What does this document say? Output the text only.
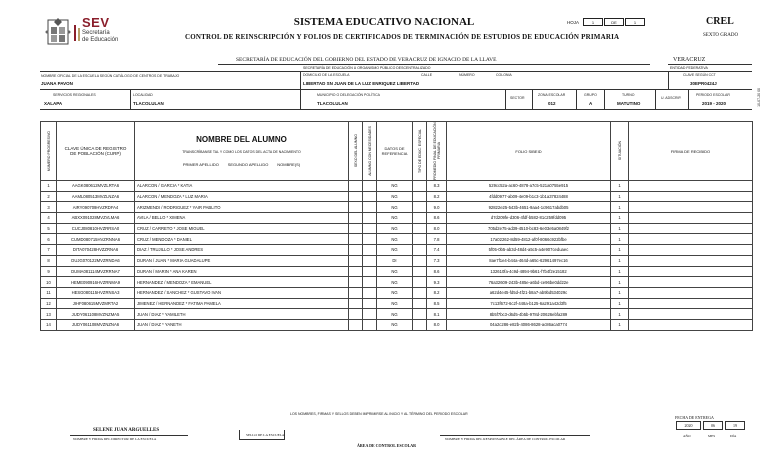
SEV
Secretaría
de Educación
SISTEMA EDUCATIVO NACIONAL
CONTROL DE REINSCRIPCIÓN Y FOLIOS DE CERTIFICADOS DE TERMINACIÓN DE ESTUDIOS DE EDUCACIÓN PRIMARIA
HOJA	1	DE	1	CREL
SEXTO GRADO
SECRETARÍA DE EDUCACIÓN DEL GOBIERNO DEL ESTADO DE VERACRUZ DE IGNACIO DE LA LLAVE
SECRETARÍA DE EDUCACIÓN U ORGANISMO PÚBLICO DESCENTRALIZADO
VERACRUZ
ENTIDAD FEDERATIVA
NOMBRE OFICIAL DE LA ESCUELA SEGÚN CATÁLOGO DE CENTROS DE TRABAJO
JUANA PAVON
DOMICILIO DE LA ESCUELA	CALLE	NÚMERO	COLONIA
LIBERTAD SN JUAN DE LA LUZ ENRIQUEZ LIBERTAD
CLAVE SEGÚN CCT
30EPR0424J
SERVICIOS REGIONALES
XALAPA
LOCALIDAD
TLACOLULAN
MUNICIPIO O DELEGACIÓN POLÍTICA
TLACOLULAN
SECTOR
ZONA ESCOLAR
012
GRUPO
A
TURNO
MATUTINO
U. ADSCRIP.
PERIODO ESCOLAR
2019 - 2020	10-07-20 00
NÚMERO PROGRESIVO	CLAVE ÚNICA DE REGISTRO DE POBLACIÓN (CURP)	NOMBRE DEL ALUMNO
TRANSCRÍBANSE TAL Y COMO LOS DATOS DEL ACTA DE NACIMIENTO
PRIMER APELLIDO SEGUNDO APELLIDO NOMBRE(S)	SEXO DEL ALUMNO	ALUMNO CON NECESIDADES	DATOS DE REFERENCIA	TIPO DE EDUC. ESPECIAL	PROMEDIO FINAL DE EDUCACIÓN PRIMARIA	FOLIO SIBEID	SITUACIÓN	FIRMA DE RECIBIDO
1	AAGK080612MVZLRTA6	ALARCON / GARCIA * KATIA			NG		8.3	529cc52a-ac60-4878-a7c5-521a0755e915	1	
2	AAML080513MVZLNZA6	ALARCON / MENDOZA * LUZ MARIA			NG		8.2	4fdd0977-ab09-4e09-b1c3-1b1a37824488	1	
3	AIRY090709HVZRDFA4	ARIZMENDI / RODRIGUEZ * YAIR PABLITO			NG		9.0	92822e25-543b-4651-9aa4-1c9617abdb05	1	
4	ABXX091028MVZVLMA6	AVILA / BELLO * XIMENA			NG		8.6	d7d209fe-d306-4fdf-b582-81c259fdd095	1	
5	CUCJ080810HVZRRSA0	CRUZ / CARRETO * JOSE MIGUEL			NG		8.0	705d2e75-ad39-4510-bc83-6e03e5a0849f2	1	
6	CUMD080715HVZRNNA6	CRUZ / MENDOZA * DANIEL			NG		7.8	17a02262-8d59-4812-af0f-8066c922bfbe	1	
7	DITA070428HVZZRNA6	DIAZ / TRUJILLO * JOSE ANDRES			NG		7.4	5f05-0b5-ab3d-48d4-a5c5-a4e907ceduaec	1	
8	DUJG070122MVZRNDA6	DURAN / JUAN * MARIA GUADALUPE			DI		7.3	8ae7f1e4-b44a-464d-a65c-62961497ec16	1	
9	DUMA081114MVZRRNA7	DURAN / MARIN * ANA KAREN			NG		8.6	132610fa-4c9d-4894-9b61-f7b4f2e15182	1	
10	HEME090916HVZRNMA9	HERNANDEZ / MENDOZA * EMANUEL			NG		9.3	76a32609-243b-485e-a6bd-ce96be0dd22e	1	
11	HESG080115HVZRNSA3	HERNANDEZ / SANCHEZ * GUSTAVO IVAN			NG		8.2	a62d4e45-fd5d-4f21-b8a7-ab9bd534029c	1	
12	JIHF080615MVZMRTA2	JIMENEZ / HERNANDEZ * FATIMA PAMELA			NG		8.5	7c13f672-6c2f-448a-b125-6a291a42d3f5	1	
13	JUDY061108MVZNZMA5	JUAN / DIAZ * YAMILETH			NG		8.1	8b5f7bc3-d6d5-4b5b-978d-20626ebfa289	1	
14	JUDY061108MVZNZNA6	JUAN / DIAZ * YANETH			NG		8.0	04a2c286-e82b-4086-8628-ac86aca0774	1	
LOS NOMBRES, FIRMAS Y SELLOS DEBEN IMPRIMIRSE AL INICIO Y AL TÉRMINO DEL PERIODO ESCOLAR
SELENE JUAN ARGUELLES
NOMBRE Y FIRMA DEL DIRECTOR DE LA ESCUELA
SELLO DE LA ESCUELA
NOMBRE Y FIRMA DEL RESPONSABLE DEL ÁREA DE CONTROL ESCOLAR
ÁREA DE CONTROL ESCOLAR
FECHA DE ENTREGA
2020	06	19
AÑO	MES	DÍA
